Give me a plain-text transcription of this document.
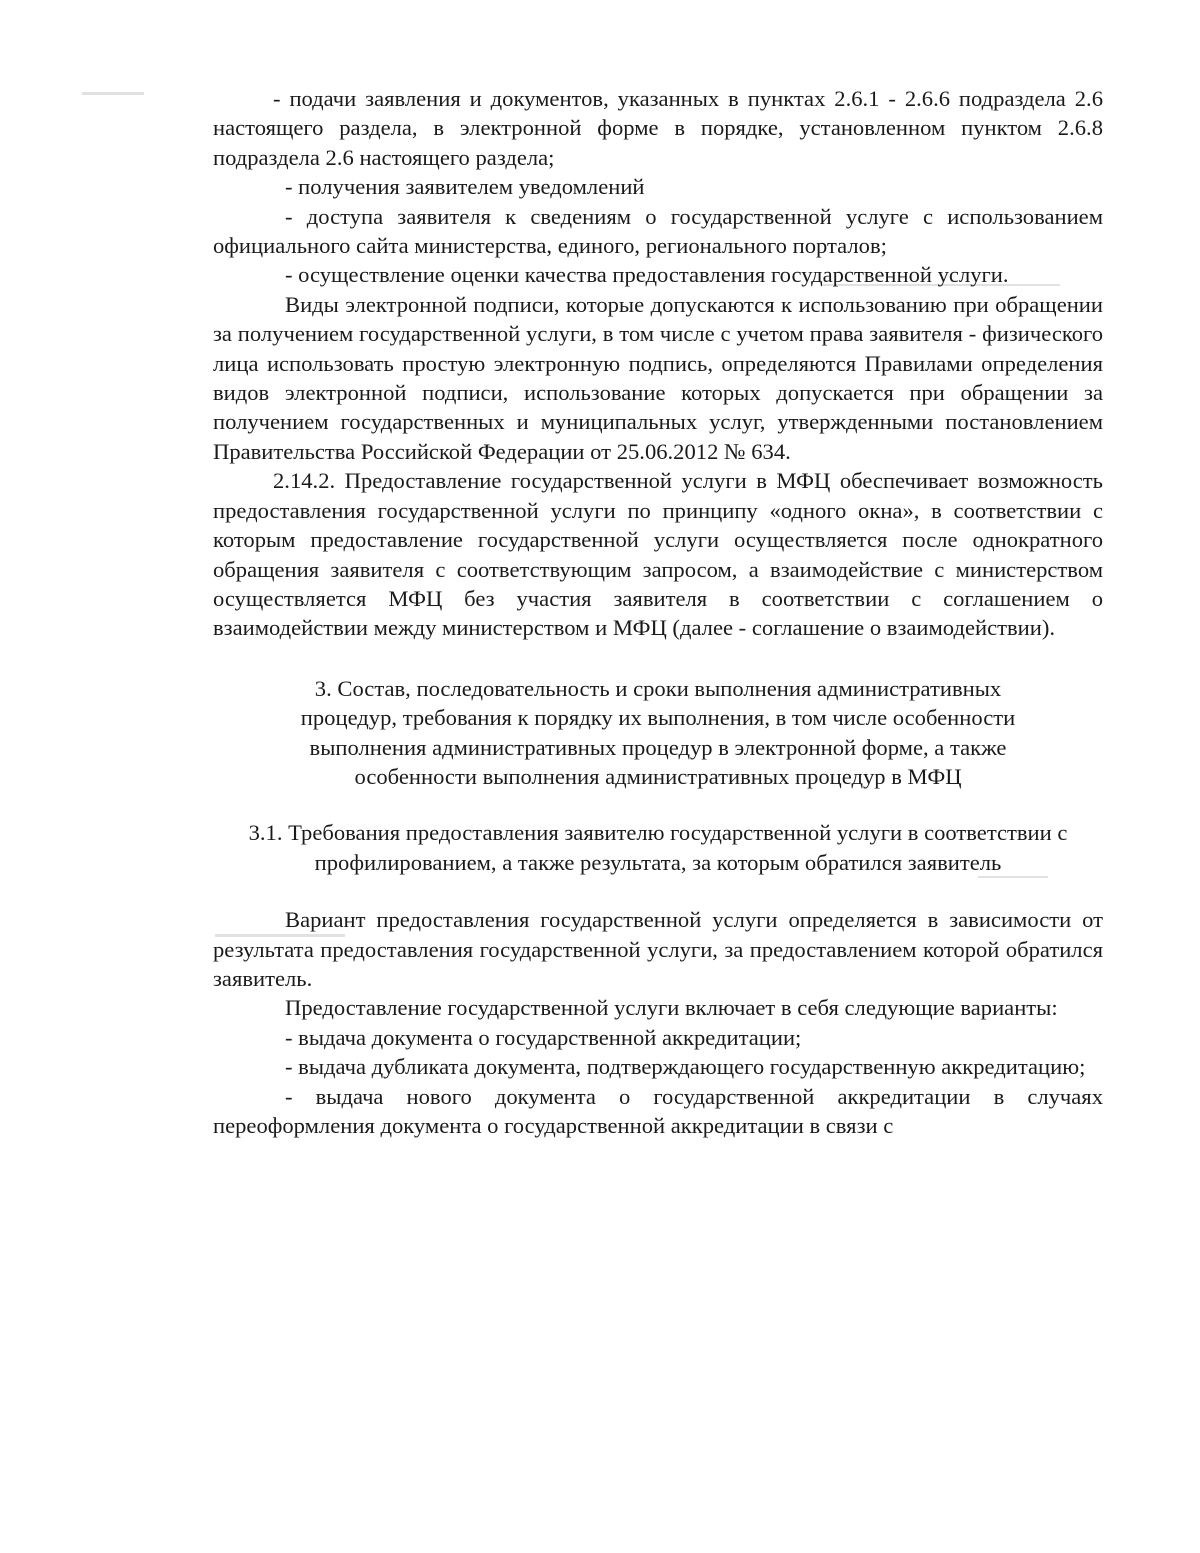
- подачи заявления и документов, указанных в пунктах 2.6.1 - 2.6.6 подраздела 2.6 настоящего раздела, в электронной форме в порядке, установленном пунктом 2.6.8 подраздела 2.6 настоящего раздела;

- получения заявителем уведомлений

- доступа заявителя к сведениям о государственной услуге с использованием официального сайта министерства, единого, регионального порталов;

- осуществление оценки качества предоставления государственной услуги.

Виды электронной подписи, которые допускаются к использованию при обращении за получением государственной услуги, в том числе с учетом права заявителя - физического лица использовать простую электронную подпись, определяются Правилами определения видов электронной подписи, использование которых допускается при обращении за получением государственных и муниципальных услуг, утвержденными постановлением Правительства Российской Федерации от 25.06.2012 № 634.

2.14.2. Предоставление государственной услуги в МФЦ обеспечивает возможность предоставления государственной услуги по принципу «одного окна», в соответствии с которым предоставление государственной услуги осуществляется после однократного обращения заявителя с соответствующим запросом, а взаимодействие с министерством осуществляется МФЦ без участия заявителя в соответствии с соглашением о взаимодействии между министерством и МФЦ (далее - соглашение о взаимодействии).

3. Состав, последовательность и сроки выполнения административных процедур, требования к порядку их выполнения, в том числе особенности выполнения административных процедур в электронной форме, а также особенности выполнения административных процедур в МФЦ

3.1. Требования предоставления заявителю государственной услуги в соответствии с профилированием, а также результата, за которым обратился заявитель

Вариант предоставления государственной услуги определяется в зависимости от результата предоставления государственной услуги, за предоставлением которой обратился заявитель.

Предоставление государственной услуги включает в себя следующие варианты:

- выдача документа о государственной аккредитации;

- выдача дубликата документа, подтверждающего государственную аккредитацию;

- выдача нового документа о государственной аккредитации в случаях переоформления документа о государственной аккредитации в связи с
